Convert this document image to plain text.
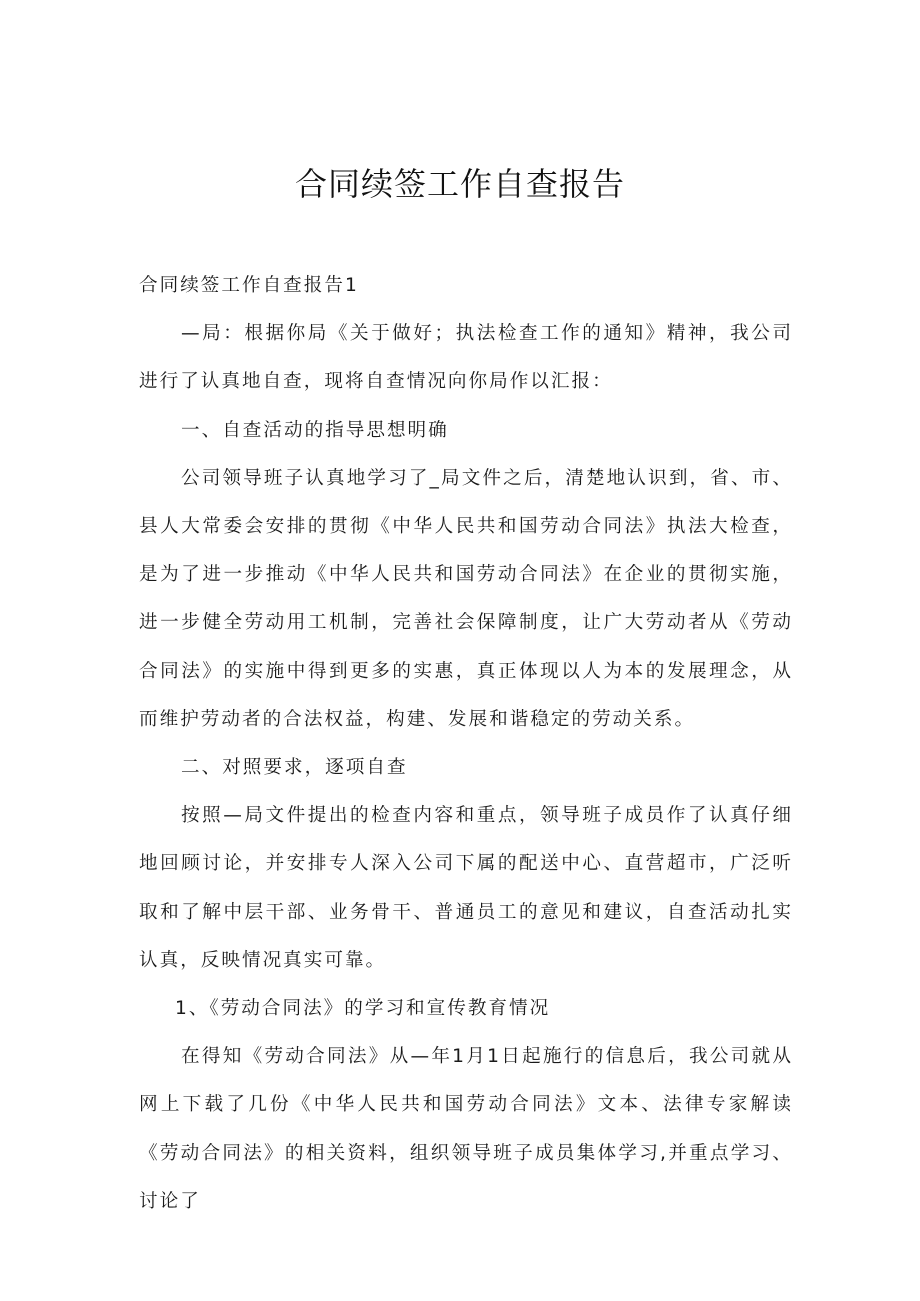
合同续签工作自查报告

合同续签工作自查报告1

—局：根据你局《关于做好；执法检查工作的通知》精神，我公司进行了认真地自查，现将自查情况向你局作以汇报：

一、自查活动的指导思想明确

公司领导班子认真地学习了_局文件之后，清楚地认识到，省、市、县人大常委会安排的贯彻《中华人民共和国劳动合同法》执法大检查，是为了进一步推动《中华人民共和国劳动合同法》在企业的贯彻实施，进一步健全劳动用工机制，完善社会保障制度，让广大劳动者从《劳动合同法》的实施中得到更多的实惠，真正体现以人为本的发展理念，从而维护劳动者的合法权益，构建、发展和谐稳定的劳动关系。

二、对照要求，逐项自查

按照—局文件提出的检查内容和重点，领导班子成员作了认真仔细地回顾讨论，并安排专人深入公司下属的配送中心、直营超市，广泛听取和了解中层干部、业务骨干、普通员工的意见和建议，自查活动扎实认真，反映情况真实可靠。

1、《劳动合同法》的学习和宣传教育情况

在得知《劳动合同法》从—年1月1日起施行的信息后，我公司就从网上下载了几份《中华人民共和国劳动合同法》文本、法律专家解读《劳动合同法》的相关资料，组织领导班子成员集体学习,并重点学习、讨论了
